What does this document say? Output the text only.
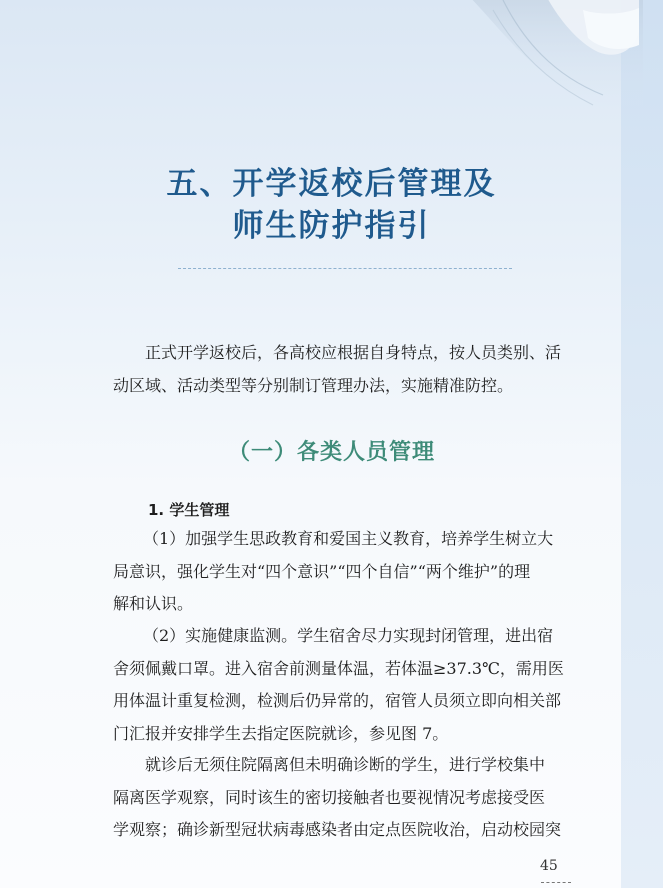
五、开学返校后管理及
师生防护指引
正式开学返校后，各高校应根据自身特点，按人员类别、活
动区域、活动类型等分别制订管理办法，实施精准防控。
（一）各类人员管理
1. 学生管理
（1）加强学生思政教育和爱国主义教育，培养学生树立大
局意识，强化学生对“四个意识”“四个自信”“两个维护”的理
解和认识。
（2）实施健康监测。学生宿舍尽力实现封闭管理，进出宿
舍须佩戴口罩。进入宿舍前测量体温，若体温≥37.3℃，需用医
用体温计重复检测，检测后仍异常的，宿管人员须立即向相关部
门汇报并安排学生去指定医院就诊，参见图 7。
就诊后无须住院隔离但未明确诊断的学生，进行学校集中
隔离医学观察，同时该生的密切接触者也要视情况考虑接受医
学观察；确诊新型冠状病毒感染者由定点医院收治，启动校园突
45
